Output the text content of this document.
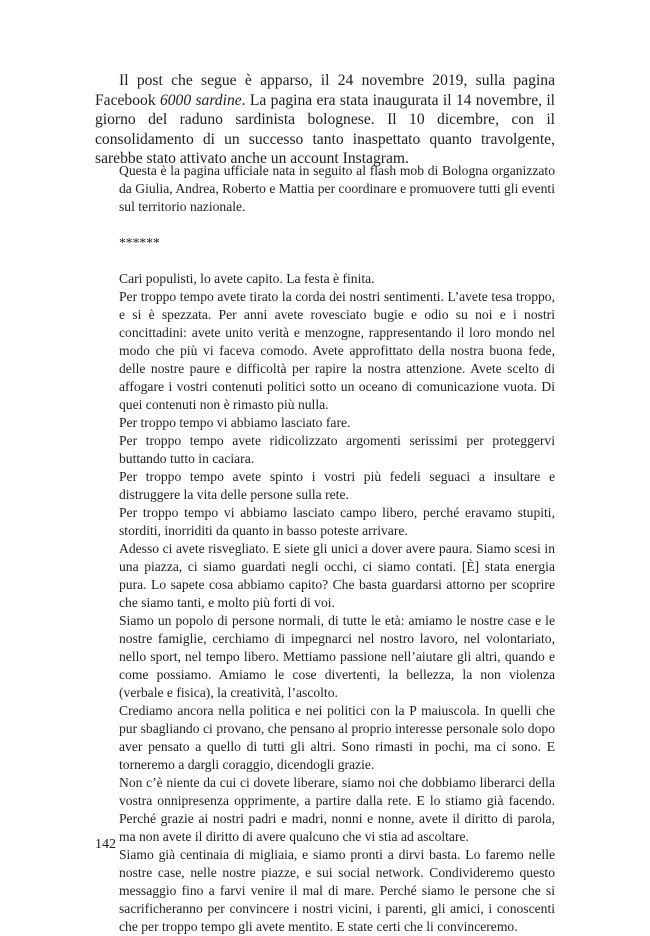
Il post che segue è apparso, il 24 novembre 2019, sulla pagina Facebook 6000 sardine. La pagina era stata inaugurata il 14 novembre, il giorno del raduno sardinista bolognese. Il 10 dicembre, con il consolidamento di un successo tanto inaspettato quanto travolgente, sarebbe stato attivato anche un account Instagram.

Questa è la pagina ufficiale nata in seguito al flash mob di Bologna organizzato da Giulia, Andrea, Roberto e Mattia per coordinare e promuovere tutti gli eventi sul territorio nazionale.

******

Cari populisti, lo avete capito. La festa è finita.

Per troppo tempo avete tirato la corda dei nostri sentimenti. L’avete tesa troppo, e si è spezzata. Per anni avete rovesciato bugie e odio su noi e i nostri concittadini: avete unito verità e menzogne, rappresentando il loro mondo nel modo che più vi faceva comodo. Avete approfittato della nostra buona fede, delle nostre paure e difficoltà per rapire la nostra attenzione. Avete scelto di affogare i vostri contenuti politici sotto un oceano di comunicazione vuota. Di quei contenuti non è rimasto più nulla.

Per troppo tempo vi abbiamo lasciato fare.

Per troppo tempo avete ridicolizzato argomenti serissimi per proteggervi buttando tutto in caciara.

Per troppo tempo avete spinto i vostri più fedeli seguaci a insultare e distruggere la vita delle persone sulla rete.

Per troppo tempo vi abbiamo lasciato campo libero, perché eravamo stupiti, storditi, inorriditi da quanto in basso poteste arrivare.

Adesso ci avete risvegliato. E siete gli unici a dover avere paura. Siamo scesi in una piazza, ci siamo guardati negli occhi, ci siamo contati. [È] stata energia pura. Lo sapete cosa abbiamo capito? Che basta guardarsi attorno per scoprire che siamo tanti, e molto più forti di voi.

Siamo un popolo di persone normali, di tutte le età: amiamo le nostre case e le nostre famiglie, cerchiamo di impegnarci nel nostro lavoro, nel volontariato, nello sport, nel tempo libero. Mettiamo passione nell’aiutare gli altri, quando e come possiamo. Amiamo le cose divertenti, la bellezza, la non violenza (verbale e fisica), la creatività, l’ascolto.

Crediamo ancora nella politica e nei politici con la P maiuscola. In quelli che pur sbagliando ci provano, che pensano al proprio interesse personale solo dopo aver pensato a quello di tutti gli altri. Sono rimasti in pochi, ma ci sono. E torneremo a dargli coraggio, dicendogli grazie.

Non c’è niente da cui ci dovete liberare, siamo noi che dobbiamo liberarci della vostra onnipresenza opprimente, a partire dalla rete. E lo stiamo già facendo. Perché grazie ai nostri padri e madri, nonni e nonne, avete il diritto di parola, ma non avete il diritto di avere qualcuno che vi stia ad ascoltare.

Siamo già centinaia di migliaia, e siamo pronti a dirvi basta. Lo faremo nelle nostre case, nelle nostre piazze, e sui social network. Condivideremo questo messaggio fino a farvi venire il mal di mare. Perché siamo le persone che si sacrificheranno per convincere i nostri vicini, i parenti, gli amici, i conoscenti che per troppo tempo gli avete mentito. E state certi che li convinceremo.

142
